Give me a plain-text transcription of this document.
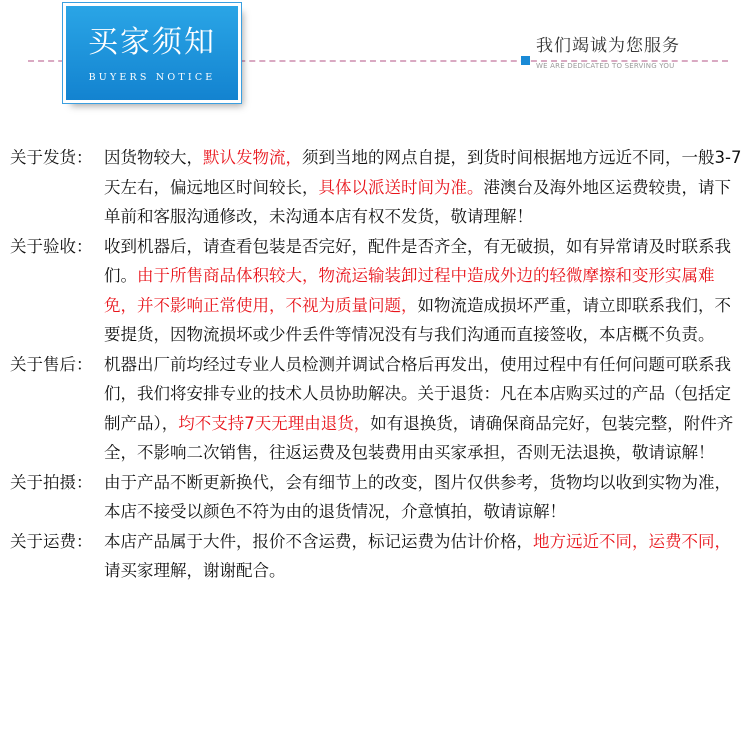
买家须知
BUYERS NOTICE
我们竭诚为您服务
WE ARE DEDICATED TO SERVING YOU
关于发货： 因货物较大，默认发物流，须到当地的网点自提，到货时间根据地方远近不同，一般3-7天左右，偏远地区时间较长，具体以派送时间为准。港澳台及海外地区运费较贵，请下单前和客服沟通修改，未沟通本店有权不发货，敬请理解！
关于验收： 收到机器后，请查看包装是否完好，配件是否齐全，有无破损，如有异常请及时联系我们。由于所售商品体积较大，物流运输装卸过程中造成外边的轻微摩擦和变形实属难免，并不影响正常使用，不视为质量问题，如物流造成损坏严重，请立即联系我们，不要提货，因物流损坏或少件丢件等情况没有与我们沟通而直接签收，本店概不负责。
关于售后： 机器出厂前均经过专业人员检测并调试合格后再发出，使用过程中有任何问题可联系我们，我们将安排专业的技术人员协助解决。关于退货：凡在本店购买过的产品（包括定制产品），均不支持7天无理由退货，如有退换货，请确保商品完好，包装完整，附件齐全，不影响二次销售，往返运费及包装费用由买家承担，否则无法退换，敬请谅解！
关于拍摄： 由于产品不断更新换代，会有细节上的改变，图片仅供参考，货物均以收到实物为准，本店不接受以颜色不符为由的退货情况，介意慎拍，敬请谅解！
关于运费： 本店产品属于大件，报价不含运费，标记运费为估计价格，地方远近不同，运费不同，请买家理解，谢谢配合。
